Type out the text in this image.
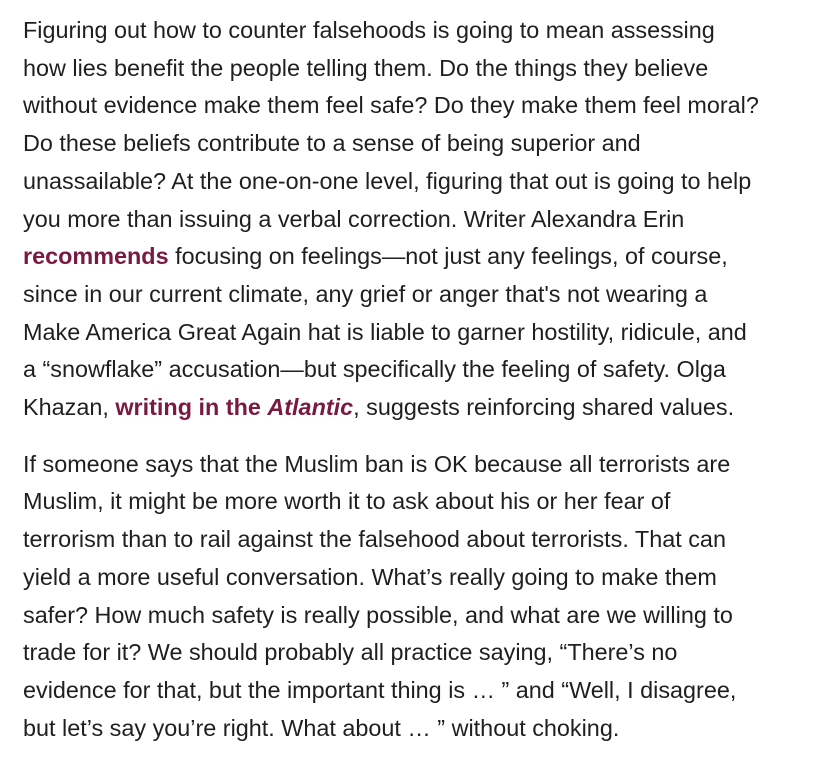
Figuring out how to counter falsehoods is going to mean assessing
how lies benefit the people telling them. Do the things they believe
without evidence make them feel safe? Do they make them feel moral?
Do these beliefs contribute to a sense of being superior and
unassailable? At the one-on-one level, figuring that out is going to help
you more than issuing a verbal correction. Writer Alexandra Erin
recommends focusing on feelings—not just any feelings, of course,
since in our current climate, any grief or anger that's not wearing a
Make America Great Again hat is liable to garner hostility, ridicule, and
a “snowflake” accusation—but specifically the feeling of safety. Olga
Khazan, writing in the Atlantic, suggests reinforcing shared values.

If someone says that the Muslim ban is OK because all terrorists are
Muslim, it might be more worth it to ask about his or her fear of
terrorism than to rail against the falsehood about terrorists. That can
yield a more useful conversation. What’s really going to make them
safer? How much safety is really possible, and what are we willing to
trade for it? We should probably all practice saying, “There’s no
evidence for that, but the important thing is … ” and “Well, I disagree,
but let’s say you’re right. What about … ” without choking.
